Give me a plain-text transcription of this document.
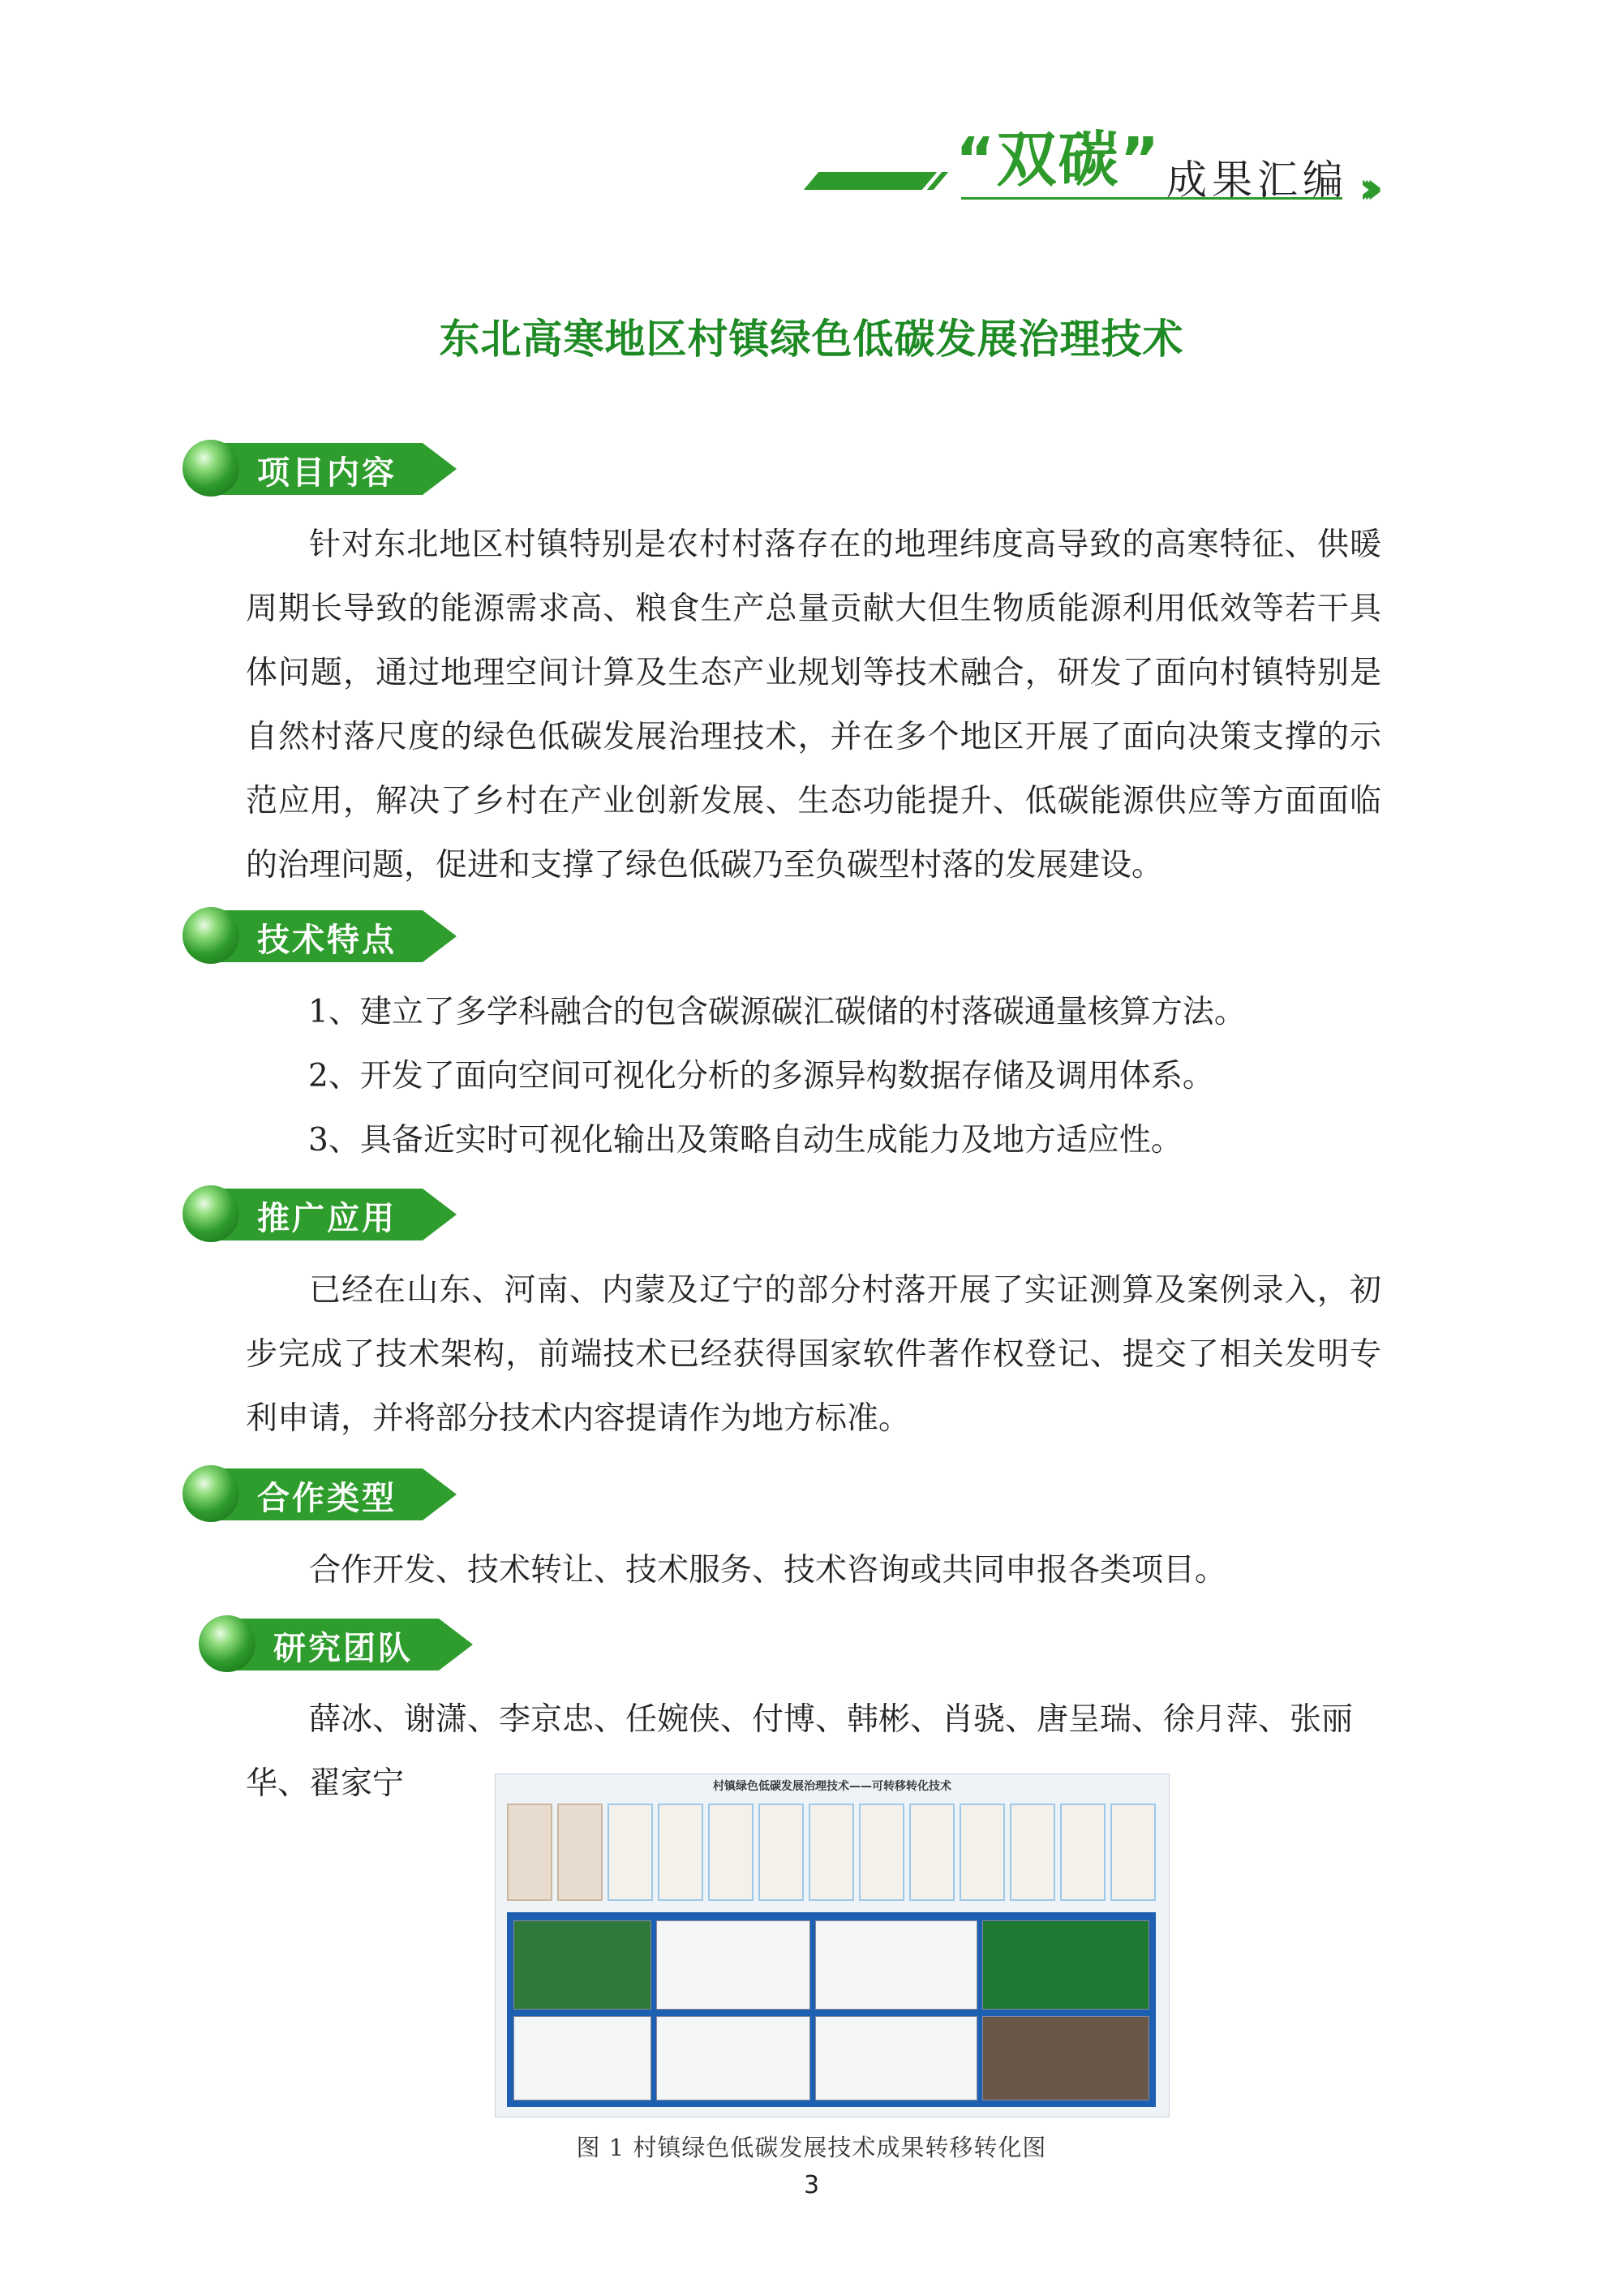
“双碳” 成果汇编 ›››
东北高寒地区村镇绿色低碳发展治理技术
项目内容

针对东北地区村镇特别是农村村落存在的地理纬度高导致的高寒特征、供暖周期长导致的能源需求高、粮食生产总量贡献大但生物质能源利用低效等若干具体问题，通过地理空间计算及生态产业规划等技术融合，研发了面向村镇特别是自然村落尺度的绿色低碳发展治理技术，并在多个地区开展了面向决策支撑的示范应用，解决了乡村在产业创新发展、生态功能提升、低碳能源供应等方面面临的治理问题，促进和支撑了绿色低碳乃至负碳型村落的发展建设。

技术特点
1、建立了多学科融合的包含碳源碳汇碳储的村落碳通量核算方法。
2、开发了面向空间可视化分析的多源异构数据存储及调用体系。
3、具备近实时可视化输出及策略自动生成能力及地方适应性。
推广应用

已经在山东、河南、内蒙及辽宁的部分村落开展了实证测算及案例录入，初步完成了技术架构，前端技术已经获得国家软件著作权登记、提交了相关发明专利申请，并将部分技术内容提请作为地方标准。

合作类型

合作开发、技术转让、技术服务、技术咨询或共同申报各类项目。

研究团队

薛冰、谢潇、李京忠、任婉侠、付博、韩彬、肖骁、唐呈瑞、徐月萍、张丽

华、翟家宁	村镇绿色低碳发展治理技术——可转移转化技术
图 1 村镇绿色低碳发展技术成果转移转化图
3
